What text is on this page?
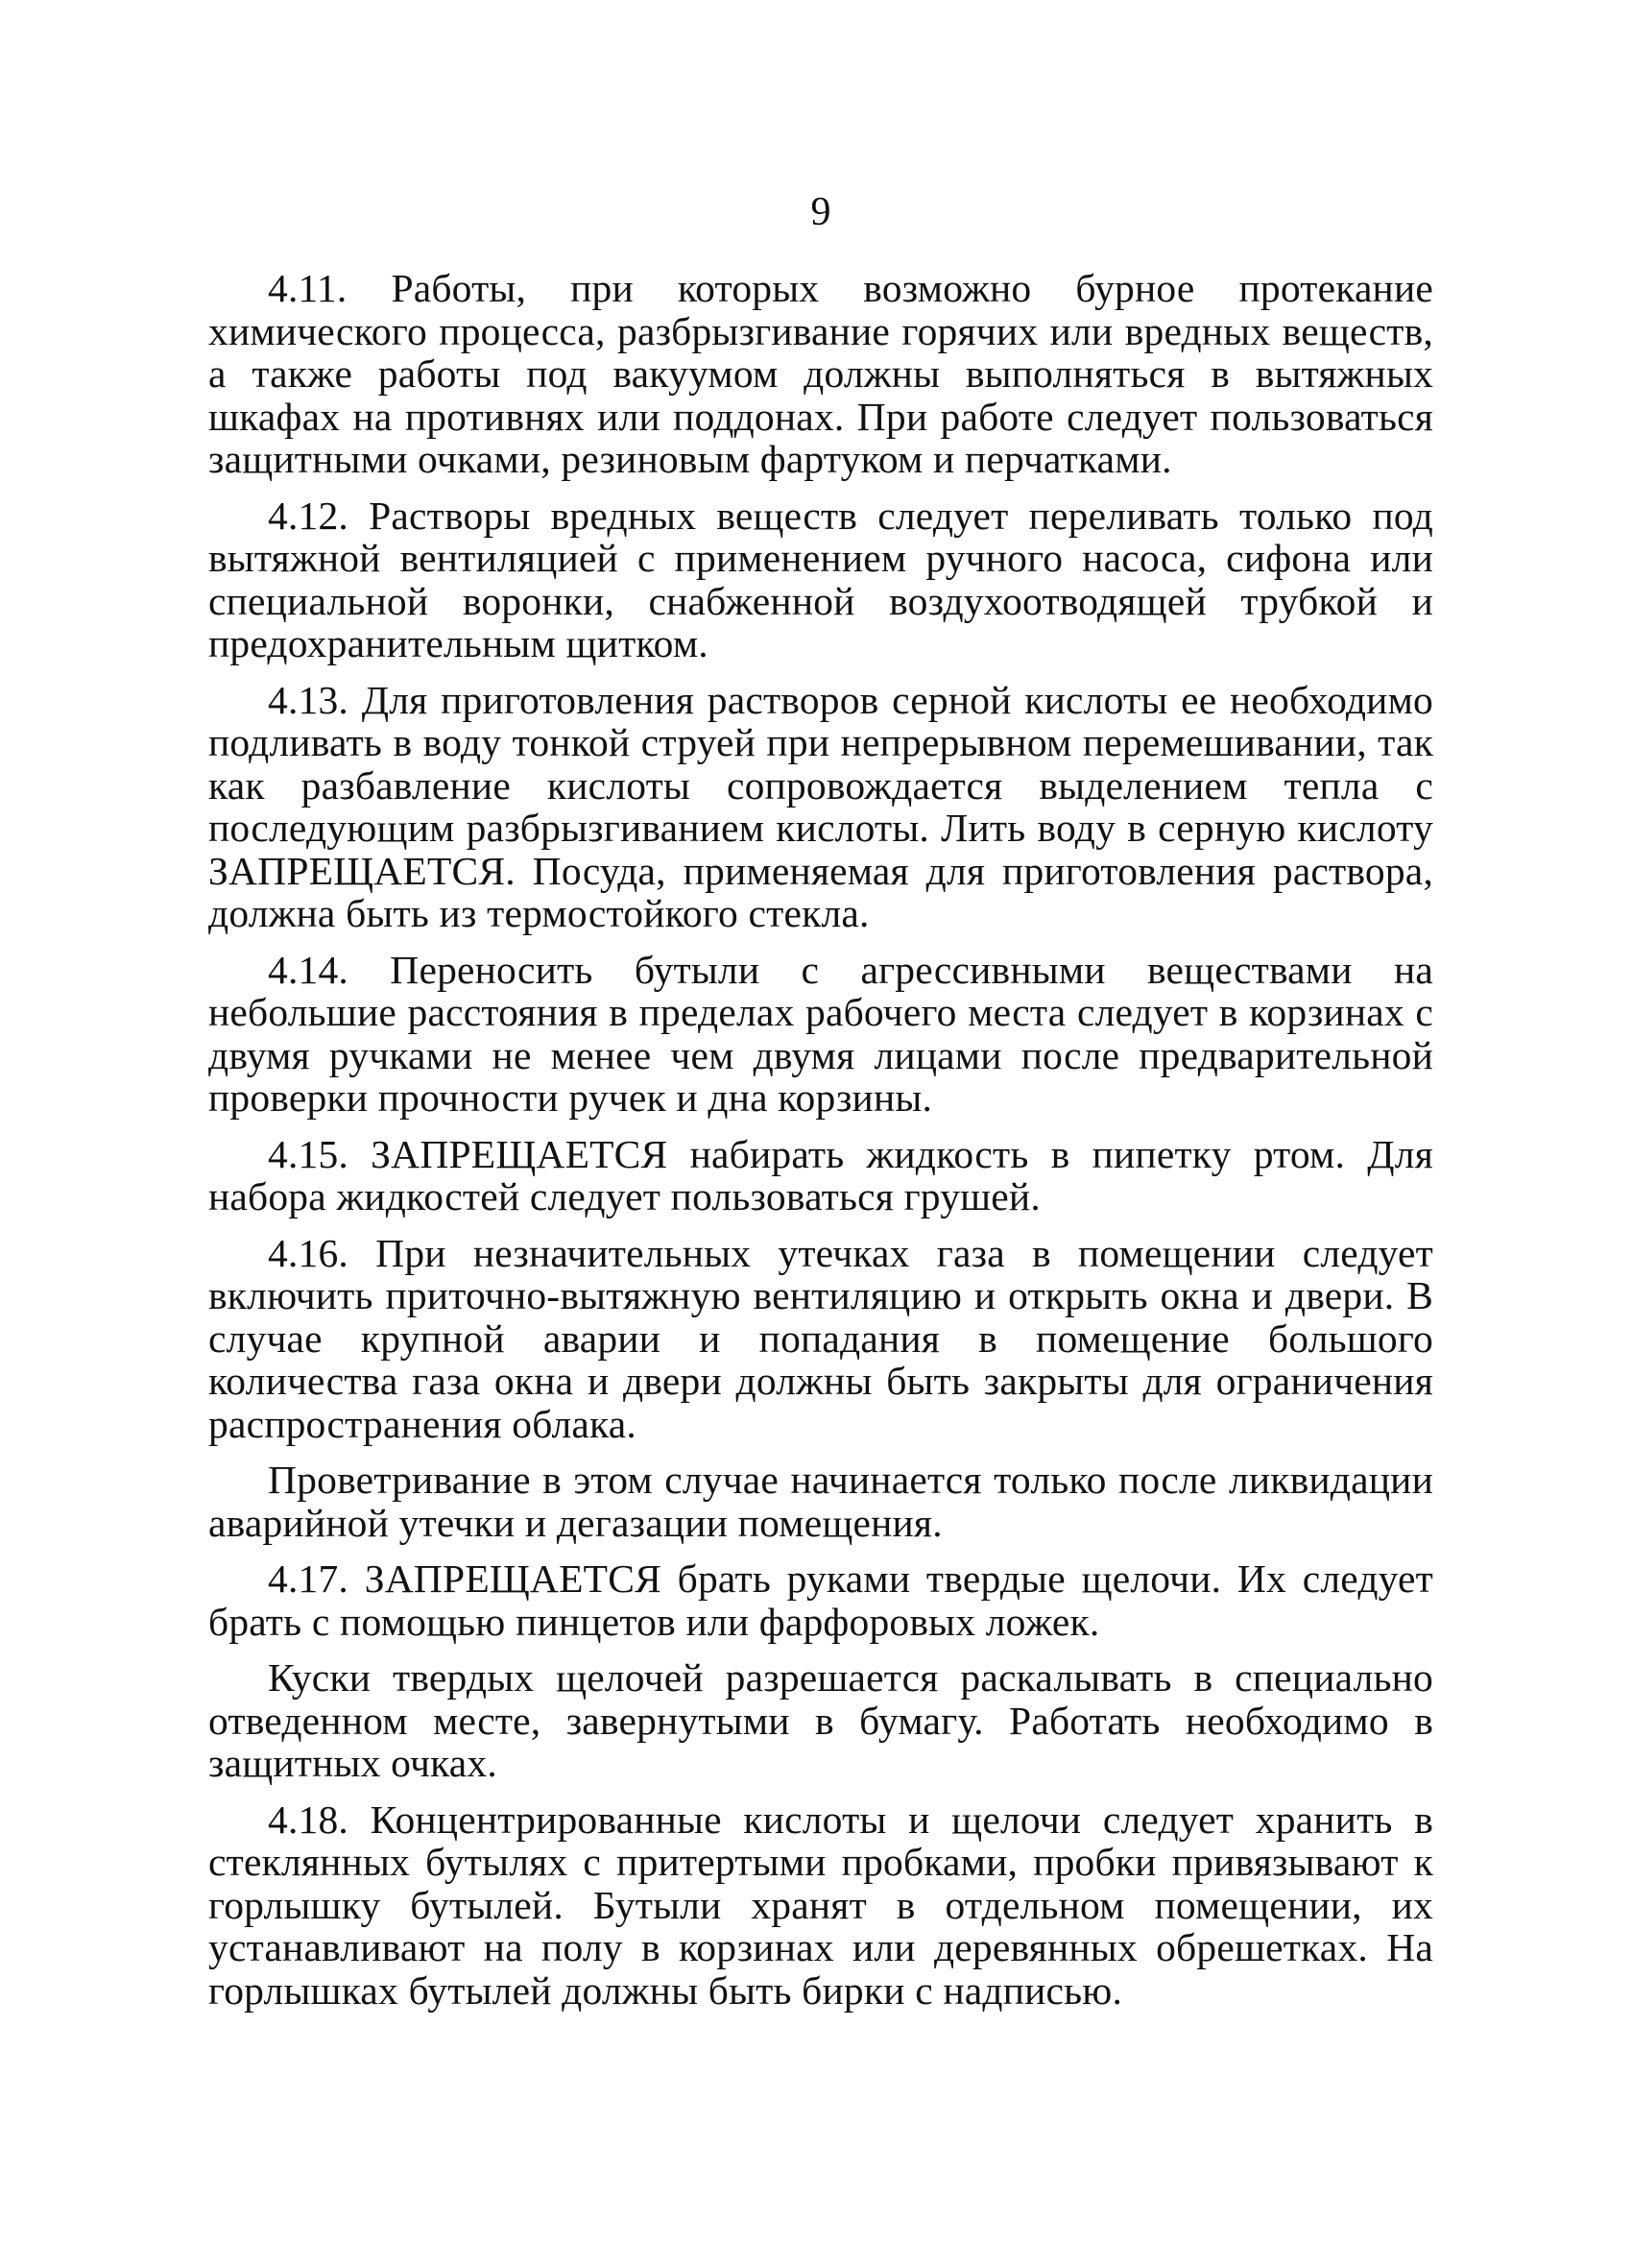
9

4.11. Работы, при которых возможно бурное протекание химического процесса, разбрызгивание горячих или вредных веществ, а также работы под вакуумом должны выполняться в вытяжных шкафах на противнях или поддонах. При работе следует пользоваться защитными очками, резиновым фартуком и перчатками.

4.12. Растворы вредных веществ следует переливать только под вытяжной вентиляцией с применением ручного насоса, сифона или специальной воронки, снабженной воздухоотводящей трубкой и предохранительным щитком.

4.13. Для приготовления растворов серной кислоты ее необходимо подливать в воду тонкой струей при непрерывном перемешивании, так как разбавление кислоты сопровождается выделением тепла с последующим разбрызгиванием кислоты. Лить воду в серную кислоту ЗАПРЕЩАЕТСЯ. Посуда, применяемая для приготовления раствора, должна быть из термостойкого стекла.

4.14. Переносить бутыли с агрессивными веществами на небольшие расстояния в пределах рабочего места следует в корзинах с двумя ручками не менее чем двумя лицами после предварительной проверки прочности ручек и дна корзины.

4.15. ЗАПРЕЩАЕТСЯ набирать жидкость в пипетку ртом. Для набора жидкостей следует пользоваться грушей.

4.16. При незначительных утечках газа в помещении следует включить приточно-вытяжную вентиляцию и открыть окна и двери. В случае крупной аварии и попадания в помещение большого количества газа окна и двери должны быть закрыты для ограничения распространения облака.

Проветривание в этом случае начинается только после ликвидации аварийной утечки и дегазации помещения.

4.17. ЗАПРЕЩАЕТСЯ брать руками твердые щелочи. Их следует брать с помощью пинцетов или фарфоровых ложек.

Куски твердых щелочей разрешается раскалывать в специально отведенном месте, завернутыми в бумагу. Работать необходимо в защитных очках.

4.18. Концентрированные кислоты и щелочи следует хранить в стеклянных бутылях с притертыми пробками, пробки привязывают к горлышку бутылей. Бутыли хранят в отдельном помещении, их устанавливают на полу в корзинах или деревянных обрешетках. На горлышках бутылей должны быть бирки с надписью.
